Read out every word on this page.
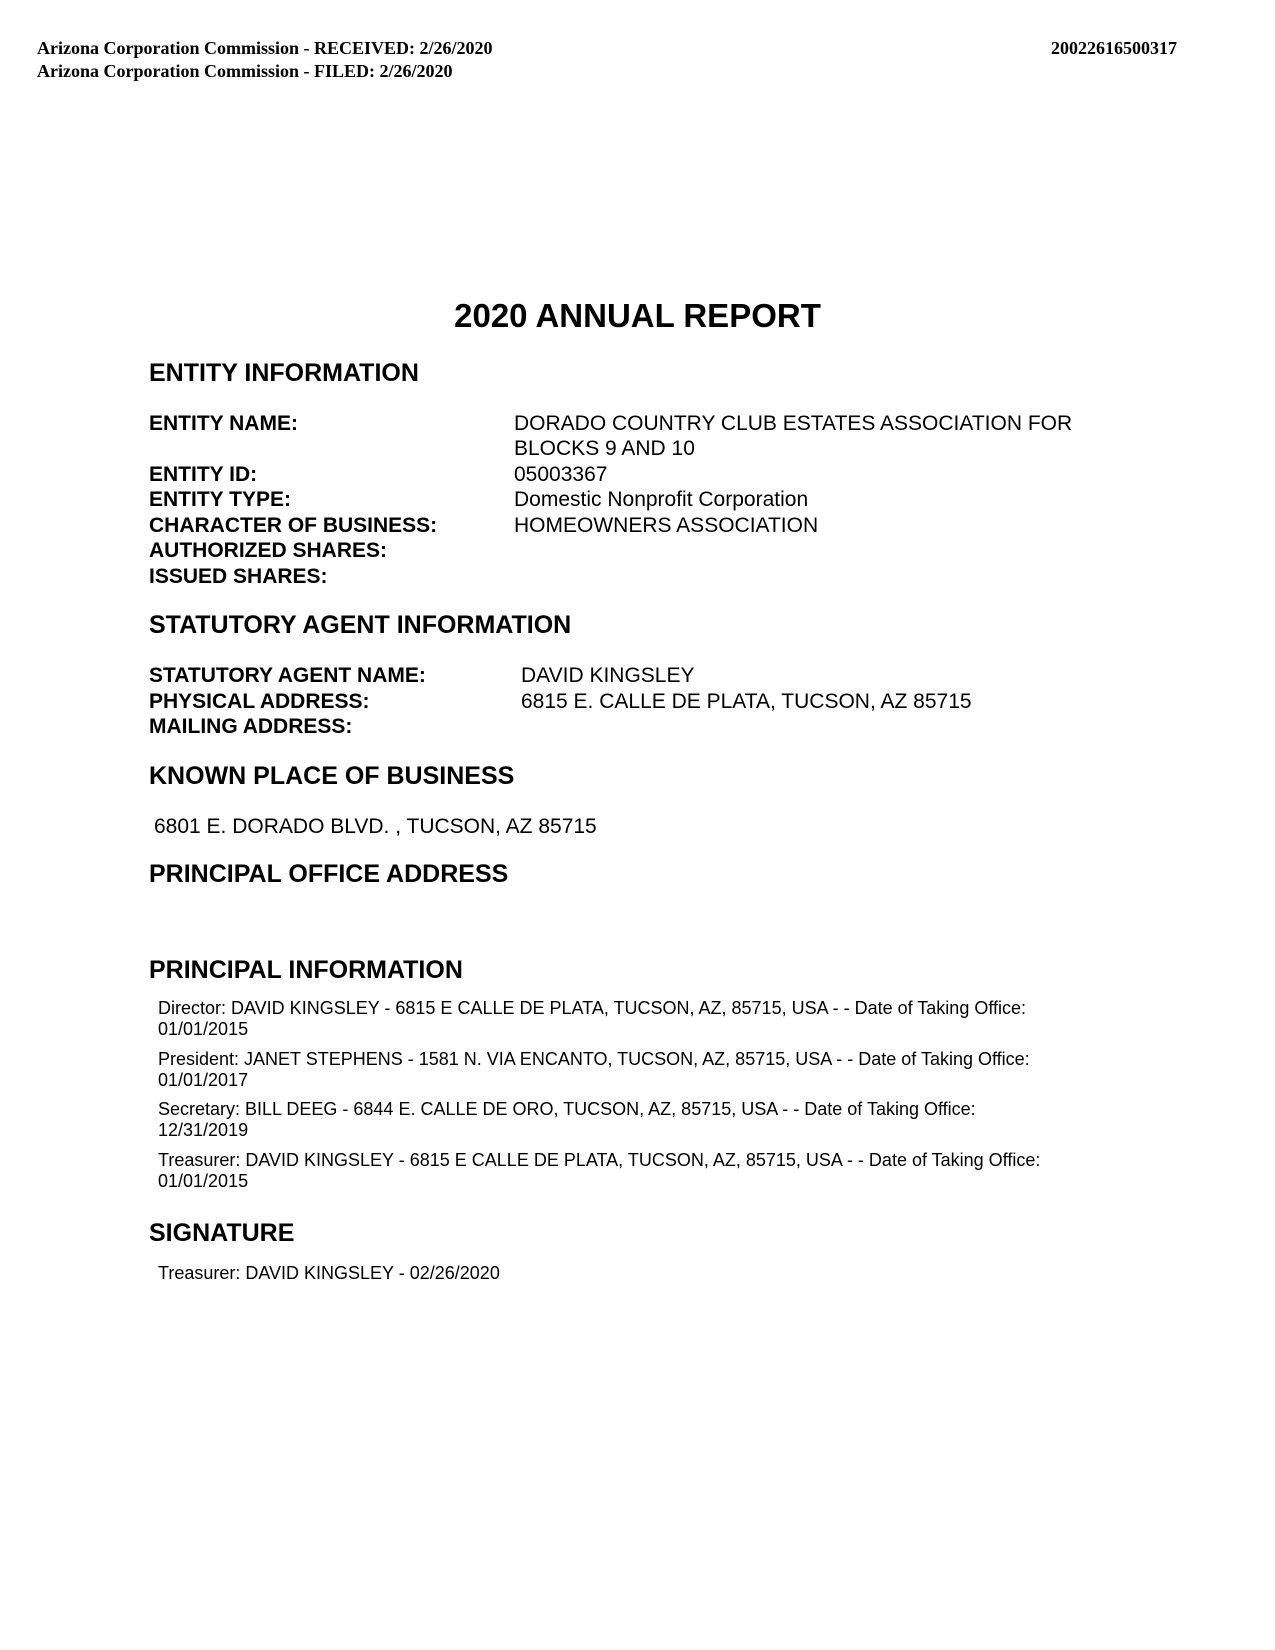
Arizona Corporation Commission - RECEIVED: 2/26/2020
Arizona Corporation Commission - FILED: 2/26/2020
20022616500317
2020 ANNUAL REPORT
ENTITY INFORMATION
ENTITY NAME:	DORADO COUNTRY CLUB ESTATES ASSOCIATION FOR
BLOCKS 9 AND 10
ENTITY ID:	05003367
ENTITY TYPE:	Domestic Nonprofit Corporation
CHARACTER OF BUSINESS:	HOMEOWNERS ASSOCIATION
AUTHORIZED SHARES:
ISSUED SHARES:
STATUTORY AGENT INFORMATION
STATUTORY AGENT NAME:	DAVID KINGSLEY
PHYSICAL ADDRESS:	6815 E. CALLE DE PLATA, TUCSON, AZ 85715
MAILING ADDRESS:
KNOWN PLACE OF BUSINESS
6801 E. DORADO BLVD. , TUCSON, AZ 85715
PRINCIPAL OFFICE ADDRESS
PRINCIPAL INFORMATION
Director: DAVID KINGSLEY - 6815 E CALLE DE PLATA, TUCSON, AZ, 85715, USA - - Date of Taking Office:
01/01/2015
President: JANET STEPHENS - 1581 N. VIA ENCANTO, TUCSON, AZ, 85715, USA - - Date of Taking Office:
01/01/2017
Secretary: BILL DEEG - 6844 E. CALLE DE ORO, TUCSON, AZ, 85715, USA - - Date of Taking Office:
12/31/2019
Treasurer: DAVID KINGSLEY - 6815 E CALLE DE PLATA, TUCSON, AZ, 85715, USA - - Date of Taking Office:
01/01/2015
SIGNATURE
Treasurer: DAVID KINGSLEY - 02/26/2020
